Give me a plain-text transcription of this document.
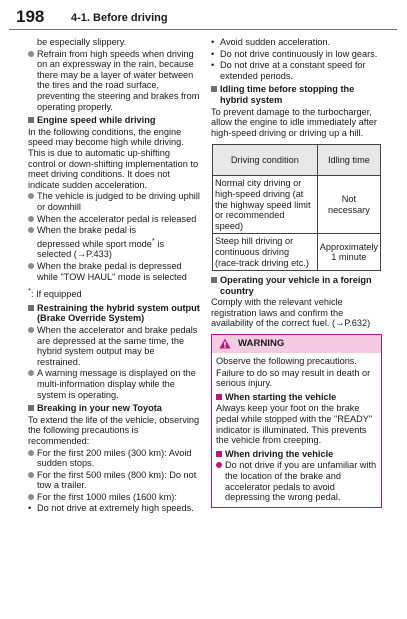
198 4-1. Before driving

be especially slippery.

Refrain from high speeds when driving on an expressway in the rain, because there may be a layer of water between the tires and the road surface, preventing the steering and brakes from operating properly.
Engine speed while driving

In the following conditions, the engine speed may become high while driving. This is due to automatic up-shifting control or down-shifting implementation to meet driving conditions. It does not indicate sudden acceleration.

The vehicle is judged to be driving uphill or downhill
When the accelerator pedal is released
When the brake pedal is
depressed while sport mode* is
selected (→P.433)
When the brake pedal is depressed while "TOW HAUL" mode is selected

*: If equipped

Restraining the hybrid system output (Brake Override System)
When the accelerator and brake pedals are depressed at the same time, the hybrid system output may be restrained.
A warning message is displayed on the multi-information display while the system is operating.
Breaking in your new Toyota

To extend the life of the vehicle, observing the following precautions is recommended:

For the first 200 miles (300 km): Avoid sudden stops.
For the first 500 miles (800 km): Do not tow a trailer.
For the first 1000 miles (1600 km):
• Do not drive at extremely high speeds.
• Avoid sudden acceleration.
• Do not drive continuously in low gears.
• Do not drive at a constant speed for extended periods.
Idling time before stopping the hybrid system

To prevent damage to the turbocharger, allow the engine to idle immediately after high-speed driving or driving up a hill.

Driving condition	Idling time
Normal city driving or high-speed driving (at the highway speed limit or recommended speed)	Not necessary
Steep hill driving or continuous driving (race-track driving etc.)	Approximately 1 minute
Operating your vehicle in a foreign country

Comply with the relevant vehicle registration laws and confirm the availability of the correct fuel. (→P.632)

WARNING

Observe the following precautions.

Failure to do so may result in death or serious injury.

When starting the vehicle

Always keep your foot on the brake pedal while stopped with the "READY" indicator is illuminated. This prevents the vehicle from creeping.

When driving the vehicle
Do not drive if you are unfamiliar with the location of the brake and accelerator pedals to avoid depressing the wrong pedal.
